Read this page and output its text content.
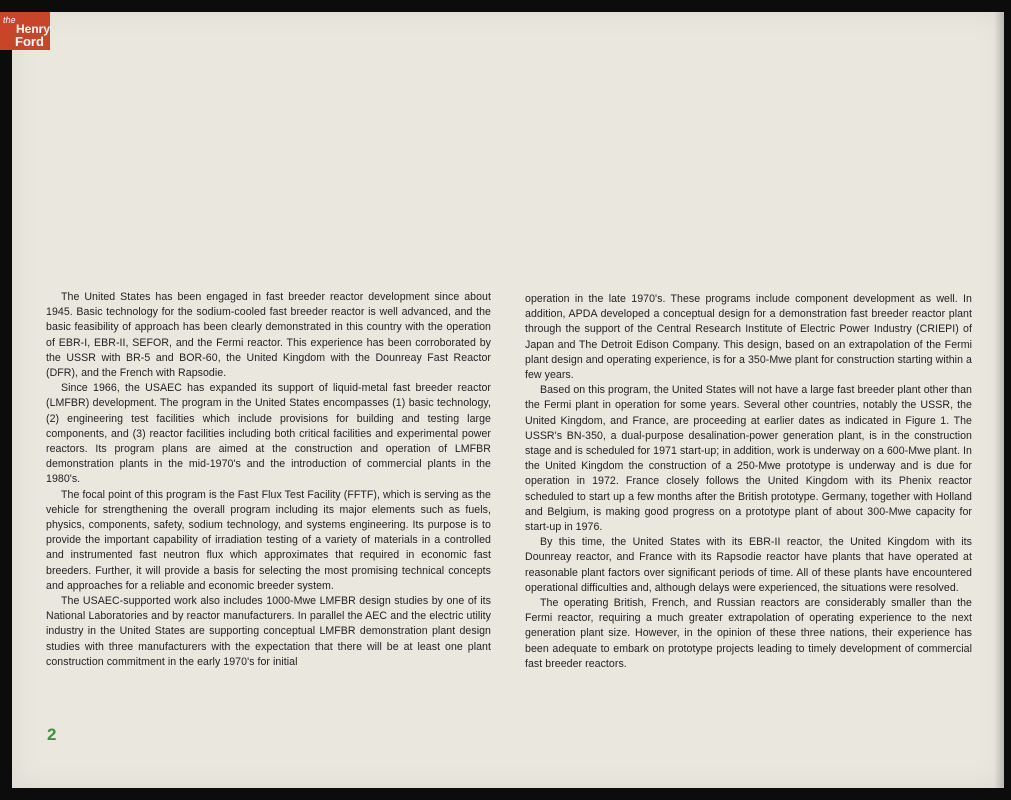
The United States has been engaged in fast breeder reactor development since about 1945. Basic technology for the sodium-cooled fast breeder reactor is well advanced, and the basic feasibility of approach has been clearly demonstrated in this country with the operation of EBR-I, EBR-II, SEFOR, and the Fermi reactor. This experience has been corroborated by the USSR with BR-5 and BOR-60, the United Kingdom with the Dounreay Fast Reactor (DFR), and the French with Rapsodie.

Since 1966, the USAEC has expanded its support of liquid-metal fast breeder reactor (LMFBR) development. The program in the United States encompasses (1) basic technology, (2) engineering test facilities which include provisions for building and testing large components, and (3) reactor facilities including both critical facilities and experimental power reactors. Its program plans are aimed at the construction and operation of LMFBR demonstration plants in the mid-1970's and the introduction of commercial plants in the 1980's.

The focal point of this program is the Fast Flux Test Facility (FFTF), which is serving as the vehicle for strengthening the overall program including its major elements such as fuels, physics, components, safety, sodium technology, and systems engineering. Its purpose is to provide the important capability of irradiation testing of a variety of materials in a controlled and instrumented fast neutron flux which approximates that required in economic fast breeders. Further, it will provide a basis for selecting the most promising technical concepts and approaches for a reliable and economic breeder system.

The USAEC-supported work also includes 1000-Mwe LMFBR design studies by one of its National Laboratories and by reactor manufacturers. In parallel the AEC and the electric utility industry in the United States are supporting conceptual LMFBR demonstration plant design studies with three manufacturers with the expectation that there will be at least one plant construction commitment in the early 1970's for initial

operation in the late 1970's. These programs include component development as well. In addition, APDA developed a conceptual design for a demonstration fast breeder reactor plant through the support of the Central Research Institute of Electric Power Industry (CRIEPI) of Japan and The Detroit Edison Company. This design, based on an extrapolation of the Fermi plant design and operating experience, is for a 350-Mwe plant for construction starting within a few years.

Based on this program, the United States will not have a large fast breeder plant other than the Fermi plant in operation for some years. Several other countries, notably the USSR, the United Kingdom, and France, are proceeding at earlier dates as indicated in Figure 1. The USSR's BN-350, a dual-purpose desalination-power generation plant, is in the construction stage and is scheduled for 1971 start-up; in addition, work is underway on a 600-Mwe plant. In the United Kingdom the construction of a 250-Mwe prototype is underway and is due for operation in 1972. France closely follows the United Kingdom with its Phenix reactor scheduled to start up a few months after the British prototype. Germany, together with Holland and Belgium, is making good progress on a prototype plant of about 300-Mwe capacity for start-up in 1976.

By this time, the United States with its EBR-II reactor, the United Kingdom with its Dounreay reactor, and France with its Rapsodie reactor have plants that have operated at reasonable plant factors over significant periods of time. All of these plants have encountered operational difficulties and, although delays were experienced, the situations were resolved.

The operating British, French, and Russian reactors are considerably smaller than the Fermi reactor, requiring a much greater extrapolation of operating experience to the next generation plant size. However, in the opinion of these three nations, their experience has been adequate to embark on prototype projects leading to timely development of commercial fast breeder reactors.

2
the
Henry
Ford
